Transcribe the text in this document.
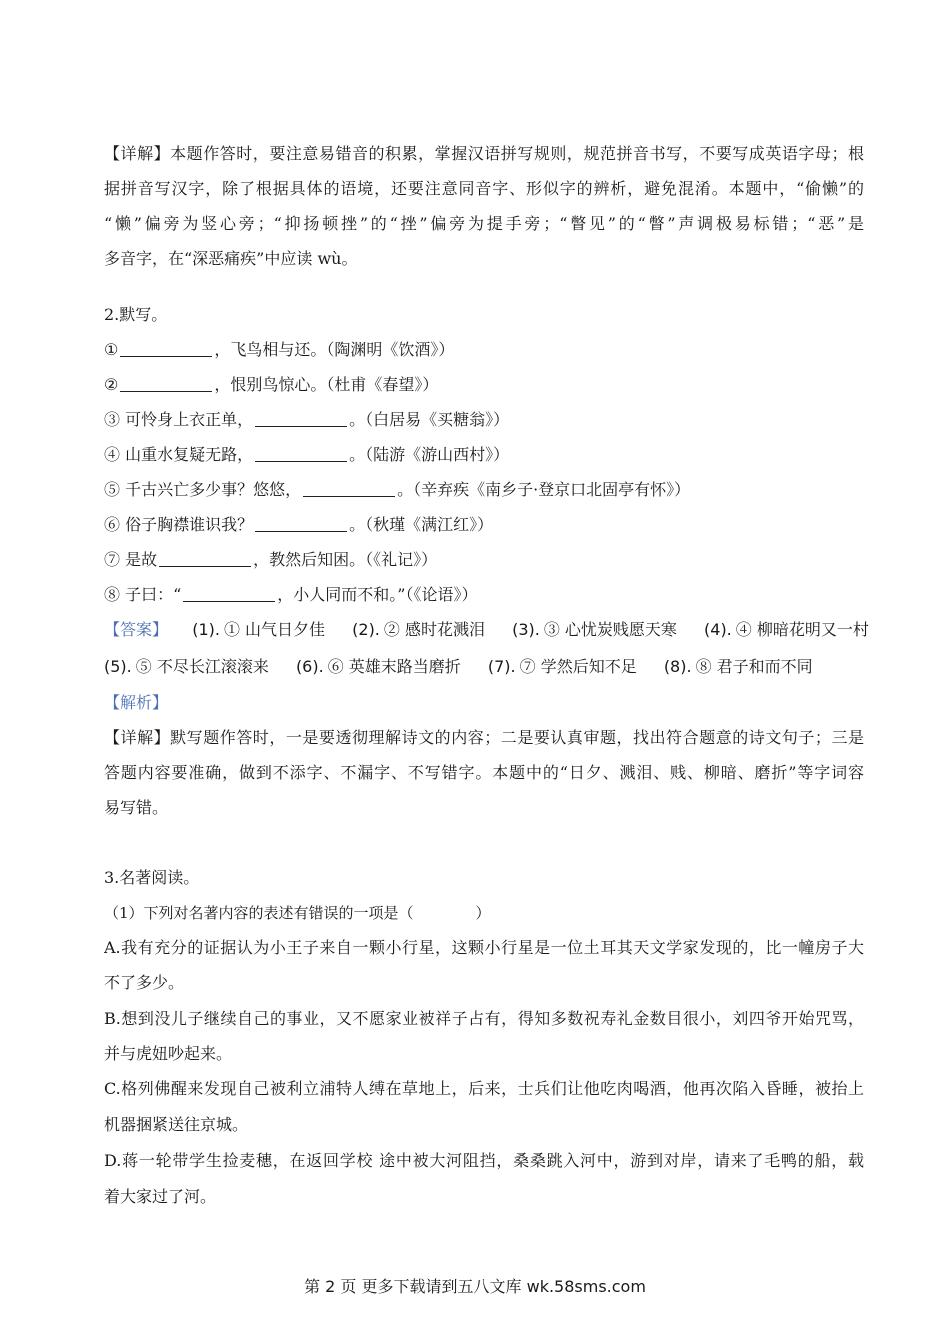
【详解】本题作答时，要注意易错音的积累，掌握汉语拼写规则，规范拼音书写，不要写成英语字母；根
据拼音写汉字，除了根据具体的语境，还要注意同音字、形似字的辨析，避免混淆。本题中，“偷懒”的
“懒”偏旁为竖心旁；“抑扬顿挫”的“挫”偏旁为提手旁；“瞥见”的“瞥”声调极易标错；“恶”是
多音字，在“深恶痛疾”中应读 wù。
2.默写。
①	，飞鸟相与还。（陶渊明《饮酒》）
②	，恨别鸟惊心。（杜甫《春望》）
③ 可怜身上衣正单，	。（白居易《买糖翁》）
④ 山重水复疑无路，	。（陆游《游山西村》）
⑤ 千古兴亡多少事？悠悠，	。（辛弃疾《南乡子·登京口北固亭有怀》）
⑥ 俗子胸襟谁识我？	。（秋瑾《满江红》）
⑦ 是故	，教然后知困。（《礼记》）
⑧ 子曰：“	，小人同而不和。”（《论语》）
【答案】 (1). ① 山气日夕佳 (2). ② 感时花溅泪 (3). ③ 心忧炭贱愿天寒 (4). ④ 柳暗花明又一村
(5). ⑤ 不尽长江滚滚来 (6). ⑥ 英雄末路当磨折 (7). ⑦ 学然后知不足 (8). ⑧ 君子和而不同
【解析】
【详解】默写题作答时，一是要透彻理解诗文的内容；二是要认真审题，找出符合题意的诗文句子；三是
答题内容要准确，做到不添字、不漏字、不写错字。本题中的“日夕、溅泪、贱、柳暗、磨折”等字词容
易写错。
3.名著阅读。
（1）下列对名著内容的表述有错误的一项是（	）
A.我有充分的证据认为小王子来自一颗小行星，这颗小行星是一位土耳其天文学家发现的，比一幢房子大
不了多少。
B.想到没儿子继续自己的事业，又不愿家业被祥子占有，得知多数祝寿礼金数目很小，刘四爷开始咒骂，
并与虎妞吵起来。
C.格列佛醒来发现自己被利立浦特人缚在草地上，后来，士兵们让他吃肉喝酒，他再次陷入昏睡，被抬上
机器捆紧送往京城。
D.蒋一轮带学生捡麦穗，在返回学校 途中被大河阻挡，桑桑跳入河中，游到对岸，请来了毛鸭的船，载
着大家过了河。
第 2 页 更多下载请到五八文库 wk.58sms.com
